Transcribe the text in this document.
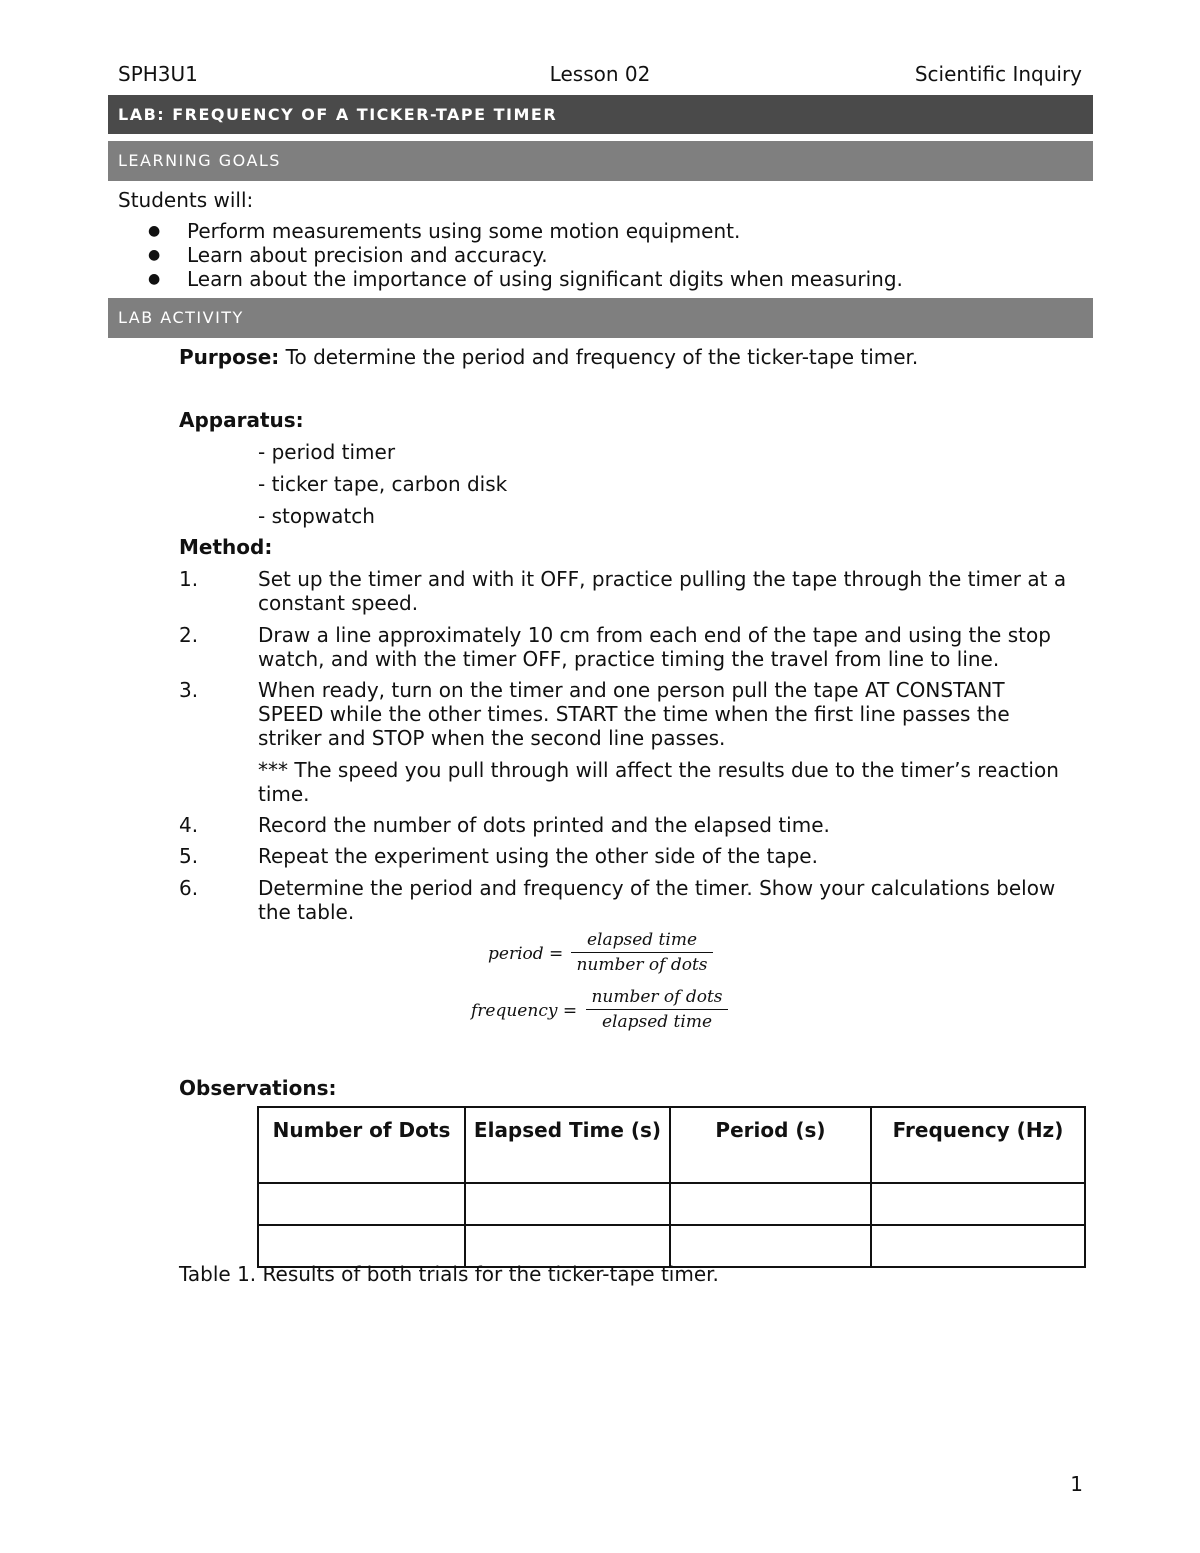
SPH3U1	Lesson 02	Scientific Inquiry
LAB: FREQUENCY OF A TICKER-TAPE TIMER
LEARNING GOALS
Students will:
● Perform measurements using some motion equipment.
● Learn about precision and accuracy.
● Learn about the importance of using significant digits when measuring.
LAB ACTIVITY
Purpose: To determine the period and frequency of the ticker-tape timer.
Apparatus:
- period timer
- ticker tape, carbon disk
- stopwatch
Method:
1.	Set up the timer and with it OFF, practice pulling the tape through the timer at a constant speed.
2.	Draw a line approximately 10 cm from each end of the tape and using the stop watch, and with the timer OFF, practice timing the travel from line to line.
3.	When ready, turn on the timer and one person pull the tape AT CONSTANT SPEED while the other times. START the time when the first line passes the striker and STOP when the second line passes.
*** The speed you pull through will affect the results due to the timer’s reaction time.
4.	Record the number of dots printed and the elapsed time.
5.	Repeat the experiment using the other side of the tape.
6.	Determine the period and frequency of the timer. Show your calculations below the table.
period =
elapsed time
number of dots
frequency =
number of dots
elapsed time
Observations:
Number of Dots	Elapsed Time (s)	Period (s)	Frequency (Hz)

Table 1. Results of both trials for the ticker-tape timer.
1
